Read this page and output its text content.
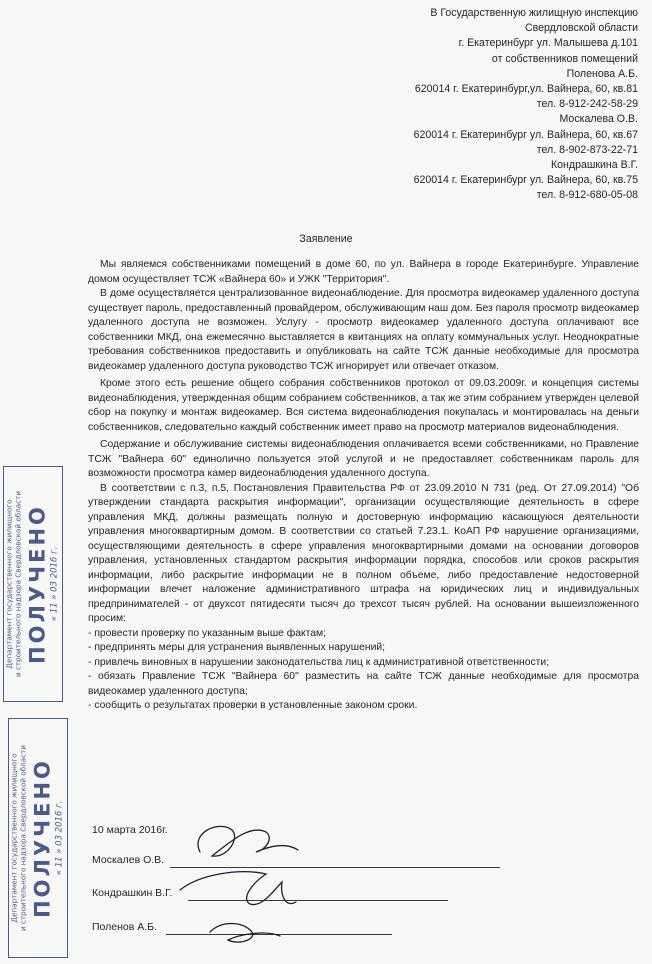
В Государственную жилищную инспекцию
Свердловской области
г. Екатеринбург ул. Малышева д.101
от собственников помещений
Поленова А.Б.
620014 г. Екатеринбург,ул. Вайнера, 60, кв.81
тел. 8-912-242-58-29
Москалева О.В.
620014 г. Екатеринбург ул. Вайнера, 60, кв.67
тел. 8-902-873-22-71
Кондрашкина В.Г.
620014 г. Екатеринбург ул. Вайнера, 60, кв.75
тел. 8-912-680-05-08
Заявление

Мы являемся собственниками помещений в доме 60, по ул. Вайнера в городе Екатеринбурге. Управление домом осуществляет ТСЖ «Вайнера 60» и УЖК "Территория".

В доме осуществляется централизованное видеонаблюдение. Для просмотра видеокамер удаленного доступа существует пароль, предоставленный провайдером, обслуживающим наш дом. Без пароля просмотр видеокамер удаленного доступа не возможен. Услугу - просмотр видеокамер удаленного доступа оплачивают все собственники МКД, она ежемесячно выставляется в квитанциях на оплату коммунальных услуг. Неоднократные требования собственников предоставить и опубликовать на сайте ТСЖ данные необходимые для просмотра видеокамер удаленного доступа руководство ТСЖ игнорирует или отвечает отказом.

Кроме этого есть решение общего собрания собственников протокол от 09.03.2009г. и концепция системы видеонаблюдения, утвержденная общим собранием собственников, а так же этим собранием утвержден целевой сбор на покупку и монтаж видеокамер. Вся система видеонаблюдения покупалась и монтировалась на деньги собственников, следовательно каждый собственник имеет право на просмотр материалов видеонаблюдения.

Содержание и обслуживание системы видеонаблюдения оплачивается всеми собственниками, но Правление ТСЖ "Вайнера 60" единолично пользуется этой услугой и не предоставляет собственникам пароль для возможности просмотра камер видеонаблюдения удаленного доступа.

В соответствии с п.3, п.5, Постановления Правительства РФ от 23.09.2010 N 731 (ред. От 27.09.2014) "Об утверждении стандарта раскрытия информации", организации осуществляющие деятельность в сфере управления МКД, должны размещать полную и достоверную информацию касающуюся деятельности управления многоквартирным домом. В соответствии со статьей 7.23.1. КоАП РФ нарушение организациями, осуществляющими деятельность в сфере управления многоквартирными домами на основании договоров управления, установленных стандартом раскрытия информации порядка, способов или сроков раскрытия информации, либо раскрытие информации не в полном объеме, либо предоставление недостоверной информации влечет наложение административного штрафа на юридических лиц и индивидуальных предпринимателей - от двухсот пятидесяти тысяч до трехсот тысяч рублей. На основании вышеизложенного просим:

- провести проверку по указанным выше фактам;
- предпринять меры для устранения выявленных нарушений;
- привлечь виновных в нарушении законодательства лиц к административной ответственности;
- обязать Правление ТСЖ "Вайнера 60" разместить на сайте ТСЖ данные необходимые для просмотра видеокамер удаленного доступа;
- сообщить о результатах проверки в установленные законом сроки.
10 марта 2016г.
Москалев О.В.
Кондрашкин В.Г.
Поленов А.Б.
Департамент государственного жилищного и строительного надзора Свердловской области ПОЛУЧЕНО « 11 » 03 2016 г.
Департамент государственного жилищного и строительного надзора Свердловской области ПОЛУЧЕНО « 11 » 03 2016 г.
